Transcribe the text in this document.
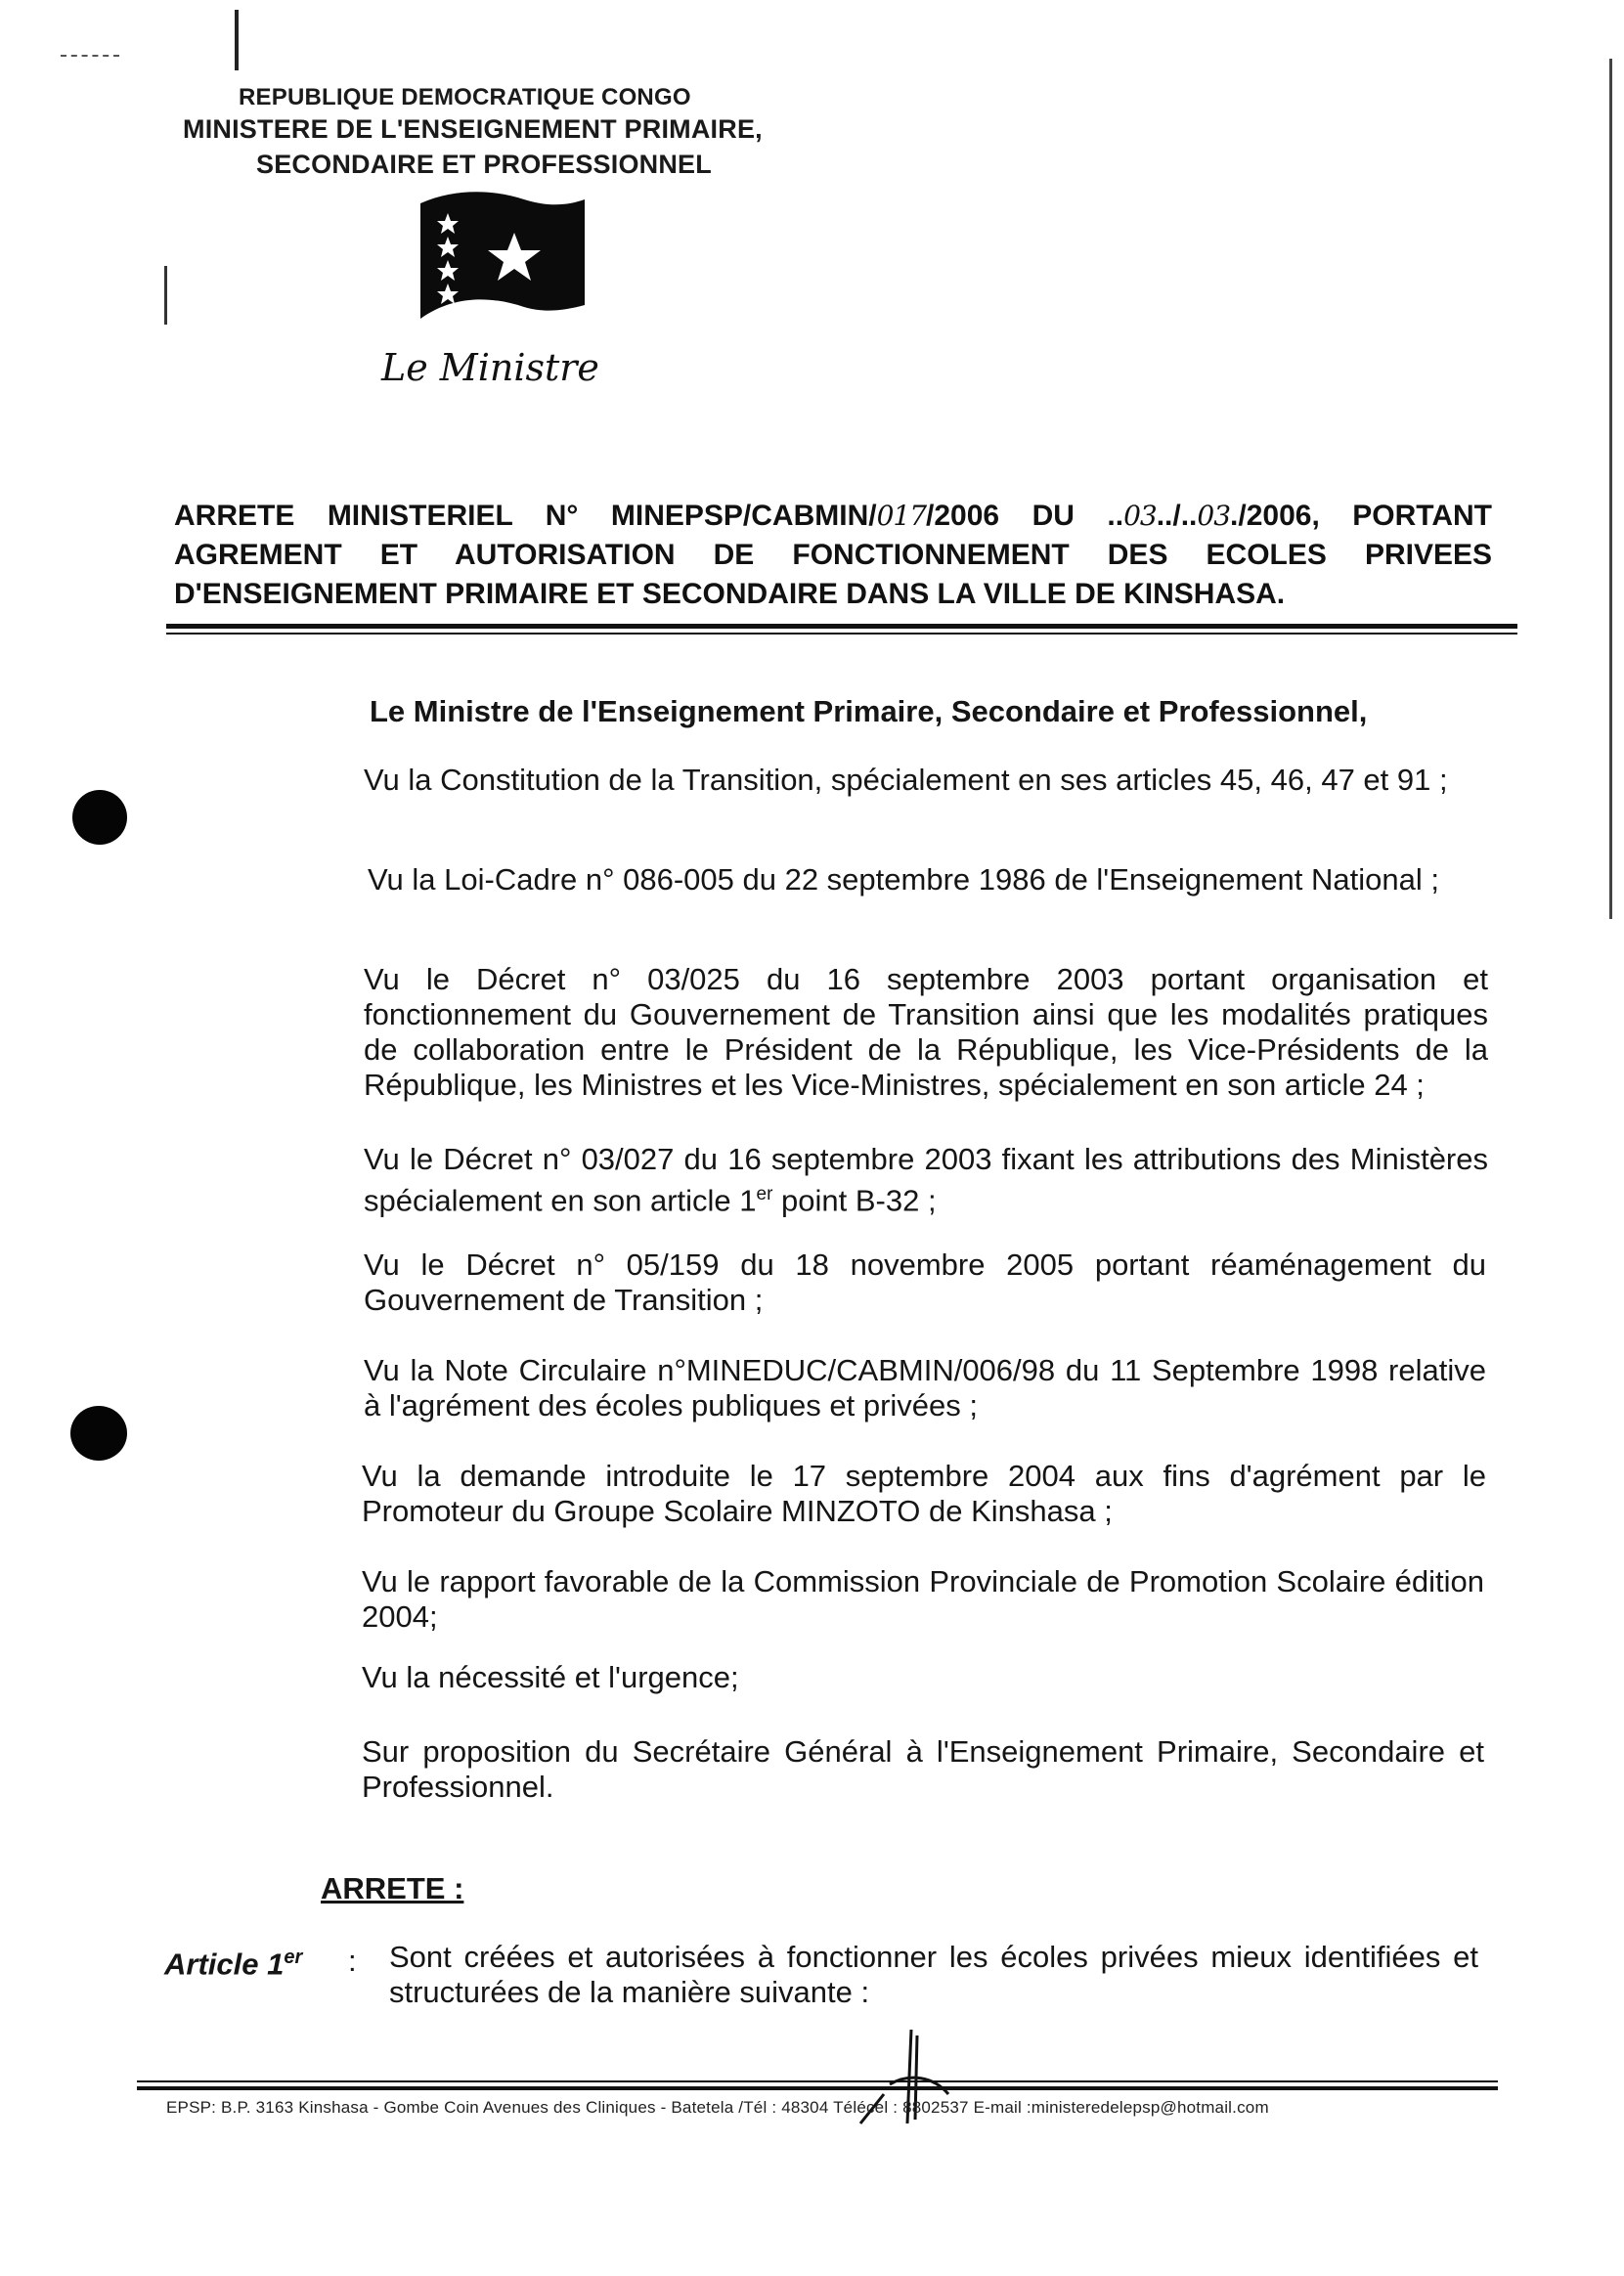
REPUBLIQUE DEMOCRATIQUE CONGO
MINISTERE DE L'ENSEIGNEMENT PRIMAIRE,
SECONDAIRE ET PROFESSIONNEL
Le Ministre
ARRETE MINISTERIEL N° MINEPSP/CABMIN/017/2006 DU ..03../..03./2006, PORTANT
AGREMENT ET AUTORISATION DE FONCTIONNEMENT DES ECOLES PRIVEES
D'ENSEIGNEMENT PRIMAIRE ET SECONDAIRE DANS LA VILLE DE KINSHASA.
Le Ministre de l'Enseignement Primaire, Secondaire et Professionnel,
Vu la Constitution de la Transition, spécialement en ses articles 45, 46, 47 et 91 ;
Vu la Loi-Cadre n° 086-005 du 22 septembre 1986 de l'Enseignement National ;
Vu le Décret n° 03/025 du 16 septembre 2003 portant organisation et fonctionnement du Gouvernement de Transition ainsi que les modalités pratiques de collaboration entre le Président de la République, les Vice-Présidents de la République, les Ministres et les Vice-Ministres, spécialement en son article 24 ;
Vu le Décret n° 03/027 du 16 septembre 2003 fixant les attributions des Ministères spécialement en son article 1er point B-32 ;
Vu le Décret n° 05/159 du 18 novembre 2005 portant réaménagement du Gouvernement de Transition ;
Vu la Note Circulaire n°MINEDUC/CABMIN/006/98 du 11 Septembre 1998 relative à l'agrément des écoles publiques et privées ;
Vu la demande introduite le 17 septembre 2004 aux fins d'agrément par le Promoteur du Groupe Scolaire MINZOTO de Kinshasa ;
Vu le rapport favorable de la Commission Provinciale de Promotion Scolaire édition 2004;
Vu la nécessité et l'urgence;
Sur proposition du Secrétaire Général à l'Enseignement Primaire, Secondaire et Professionnel.
ARRETE :
Article 1er : Sont créées et autorisées à fonctionner les écoles privées mieux identifiées et structurées de la manière suivante :
EPSP: B.P. 3163 Kinshasa - Gombe Coin Avenues des Cliniques - Batetela /Tél : 48304 Télécel : 8802537 E-mail :ministeredelepsp@hotmail.com
